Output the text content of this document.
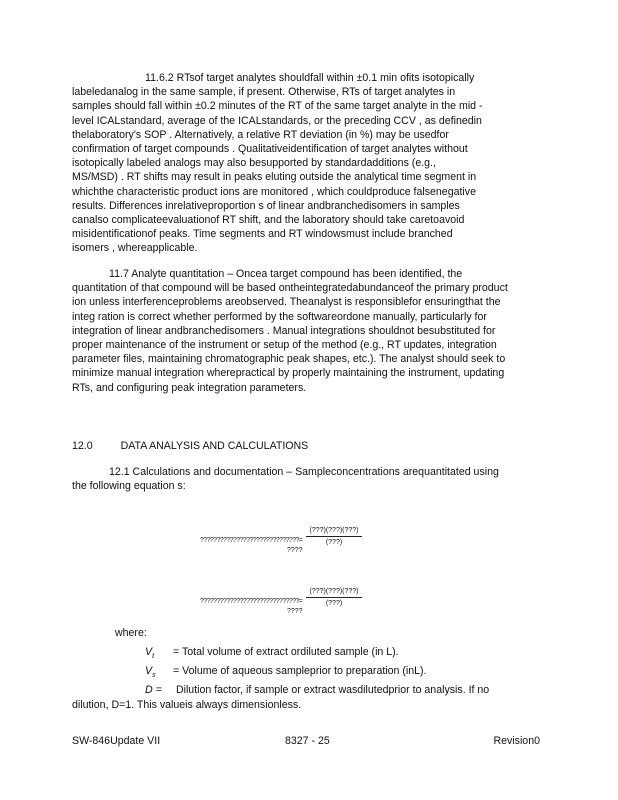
11.6.2 RTsof target analytes shouldfall within ±0.1 min ofits isotopically
labeledanalog in the same sample, if present. Otherwise, RTs of target analytes in
samples should fall within ±0.2 minutes of the RT of the same target analyte in the mid -
level ICALstandard, average of the ICALstandards, or the preceding CCV , as definedin
thelaboratory's SOP . Alternatively, a relative RT deviation (in %) may be usedfor
confirmation of target compounds . Qualitativeidentification of target analytes without
isotopically labeled analogs may also besupported by standardadditions (e.g.,
MS/MSD) . RT shifts may result in peaks eluting outside the analytical time segment in
whichthe characteristic product ions are monitored , which couldproduce falsenegative
results. Differences inrelativeproportion s of linear andbranchedisomers in samples
canalso complicateevaluationof RT shift, and the laboratory should take caretoavoid
misidentificationof peaks. Time segments and RT windowsmust include branched
isomers , whereapplicable.
11.7 Analyte quantitation – Oncea target compound has been identified, the
quantitation of that compound will be based ontheintegratedabundanceof the primary product
ion unless interferenceproblems areobserved. Theanalyst is responsiblefor ensuringthat the
integ ration is correct whether performed by the softwareordone manually, particularly for
integration of linear andbranchedisomers . Manual integrations shouldnot besubstituted for
proper maintenance of the instrument or setup of the method (e.g., RT updates, integration
parameter files, maintaining chromatographic peak shapes, etc.). The analyst should seek to
minimize manual integration wherepractical by properly maintaining the instrument, updating
RTs, and configuring peak integration parameters.
12.0	DATA ANALYSIS AND CALCULATIONS
12.1 Calculations and documentation – Sampleconcentrations arequantitated using
the following equation s:
??????????????????????????????=
????
(???)(???)(???)
(???)
??????????????????????????????=
????
(???)(???)(???)
(???)
where:
$V_t$ = Total volume of extract ordiluted sample (in L).
$V_s$ = Volume of aqueous sampleprior to preparation (inL).
D = Dilution factor, if sample or extract wasdilutedprior to analysis. If no
dilution, D=1. This valueis always dimensionless.
SW-846Update VII	8327 - 25	Revision0
